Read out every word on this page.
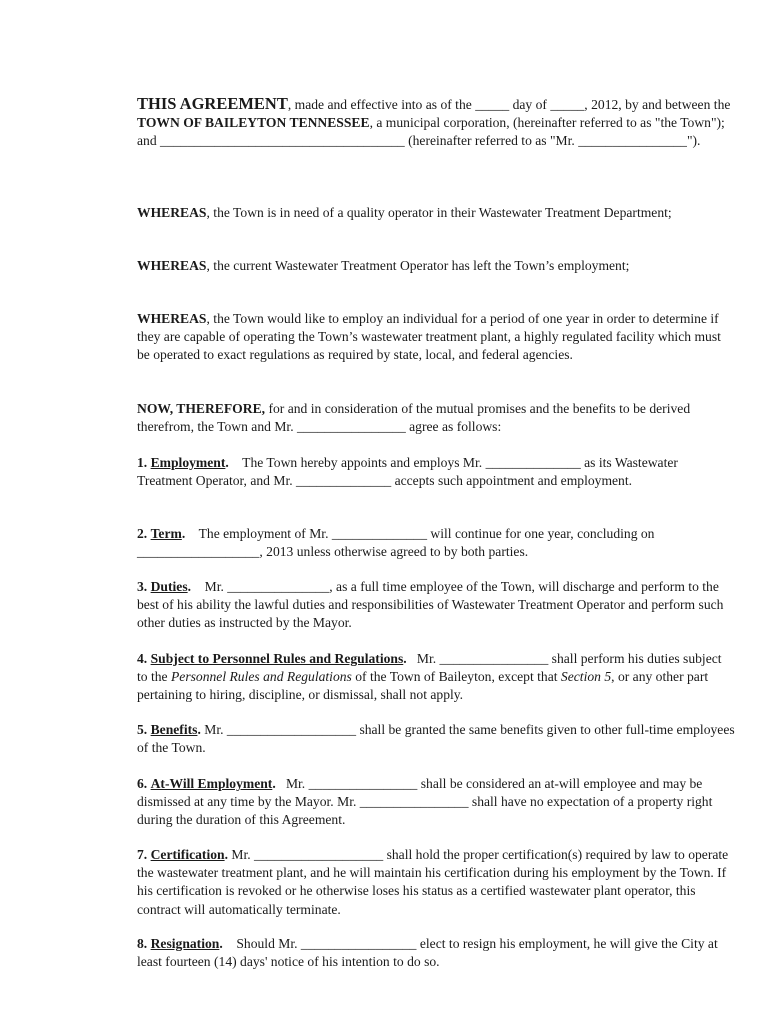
THIS AGREEMENT, made and effective into as of the _____ day of _____, 2012, by and between the TOWN OF BAILEYTON TENNESSEE, a municipal corporation, (hereinafter referred to as "the Town"); and ____________________________________ (hereinafter referred to as "Mr. ________________").

WHEREAS, the Town is in need of a quality operator in their Wastewater Treatment Department;

WHEREAS, the current Wastewater Treatment Operator has left the Town’s employment;

WHEREAS, the Town would like to employ an individual for a period of one year in order to determine if they are capable of operating the Town’s wastewater treatment plant, a highly regulated facility which must be operated to exact regulations as required by state, local, and federal agencies.

NOW, THEREFORE, for and in consideration of the mutual promises and the benefits to be derived therefrom, the Town and Mr. ________________ agree as follows:

1. Employment. The Town hereby appoints and employs Mr. ______________ as its Wastewater Treatment Operator, and Mr. ______________ accepts such appointment and employment.

2. Term. The employment of Mr. ______________ will continue for one year, concluding on __________________, 2013 unless otherwise agreed to by both parties.

3. Duties. Mr. _______________, as a full time employee of the Town, will discharge and perform to the best of his ability the lawful duties and responsibilities of Wastewater Treatment Operator and perform such other duties as instructed by the Mayor.

4. Subject to Personnel Rules and Regulations. Mr. ________________ shall perform his duties subject to the Personnel Rules and Regulations of the Town of Baileyton, except that Section 5, or any other part pertaining to hiring, discipline, or dismissal, shall not apply.

5. Benefits. Mr. ___________________ shall be granted the same benefits given to other full-time employees of the Town.

6. At-Will Employment. Mr. ________________ shall be considered an at-will employee and may be dismissed at any time by the Mayor. Mr. ________________ shall have no expectation of a property right during the duration of this Agreement.

7. Certification. Mr. ___________________ shall hold the proper certification(s) required by law to operate the wastewater treatment plant, and he will maintain his certification during his employment by the Town. If his certification is revoked or he otherwise loses his status as a certified wastewater plant operator, this contract will automatically terminate.

8. Resignation. Should Mr. _________________ elect to resign his employment, he will give the City at least fourteen (14) days' notice of his intention to do so.
